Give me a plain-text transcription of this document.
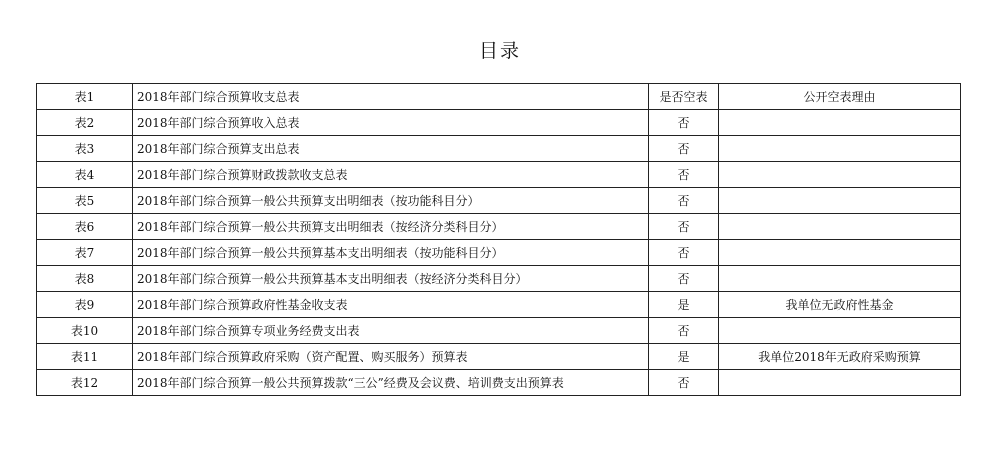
目录
表1	2018年部门综合预算收支总表	是否空表	公开空表理由
表2	2018年部门综合预算收入总表	否	
表3	2018年部门综合预算支出总表	否	
表4	2018年部门综合预算财政拨款收支总表	否	
表5	2018年部门综合预算一般公共预算支出明细表（按功能科目分）	否	
表6	2018年部门综合预算一般公共预算支出明细表（按经济分类科目分）	否	
表7	2018年部门综合预算一般公共预算基本支出明细表（按功能科目分）	否	
表8	2018年部门综合预算一般公共预算基本支出明细表（按经济分类科目分）	否	
表9	2018年部门综合预算政府性基金收支表	是	我单位无政府性基金
表10	2018年部门综合预算专项业务经费支出表	否	
表11	2018年部门综合预算政府采购（资产配置、购买服务）预算表	是	我单位2018年无政府采购预算
表12	2018年部门综合预算一般公共预算拨款“三公”经费及会议费、培训费支出预算表	否	
